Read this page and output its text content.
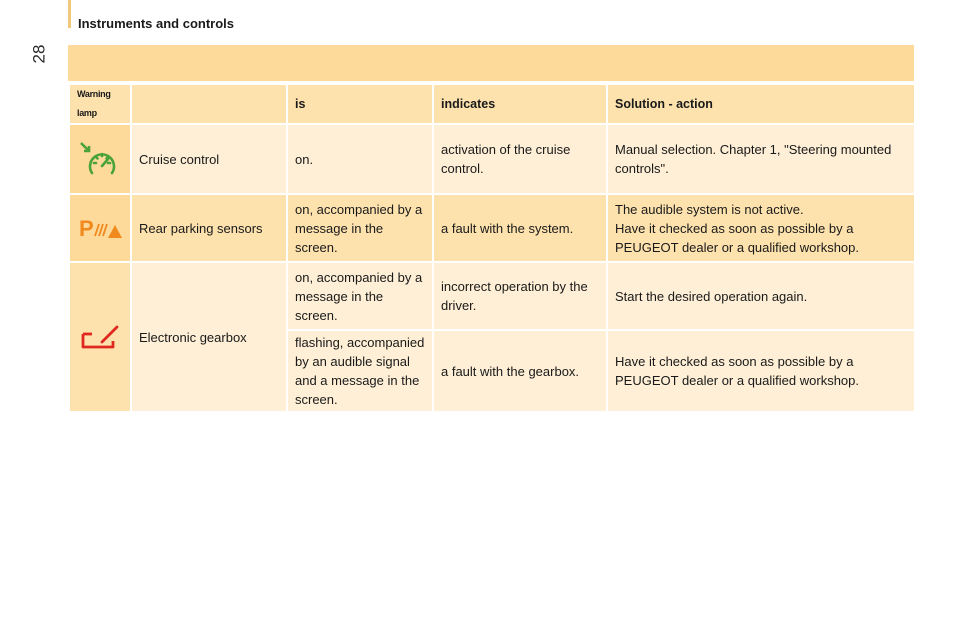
28
Instruments and controls
Warning lamp		is	indicates	Solution - action

	Cruise control	on.	activation of the cruise control.	Manual selection. Chapter 1, "Steering mounted controls".

P	Rear parking sensors	on, accompanied by a message in the screen.	a fault with the system.	The audible system is not active.
Have it checked as soon as possible by a PEUGEOT dealer or a qualified workshop.

	Electronic gearbox	on, accompanied by a message in the screen.	incorrect operation by the driver.	Start the desired operation again.
		flashing, accompanied by an audible signal and a message in the screen.	a fault with the gearbox.	Have it checked as soon as possible by a PEUGEOT dealer or a qualified workshop.
